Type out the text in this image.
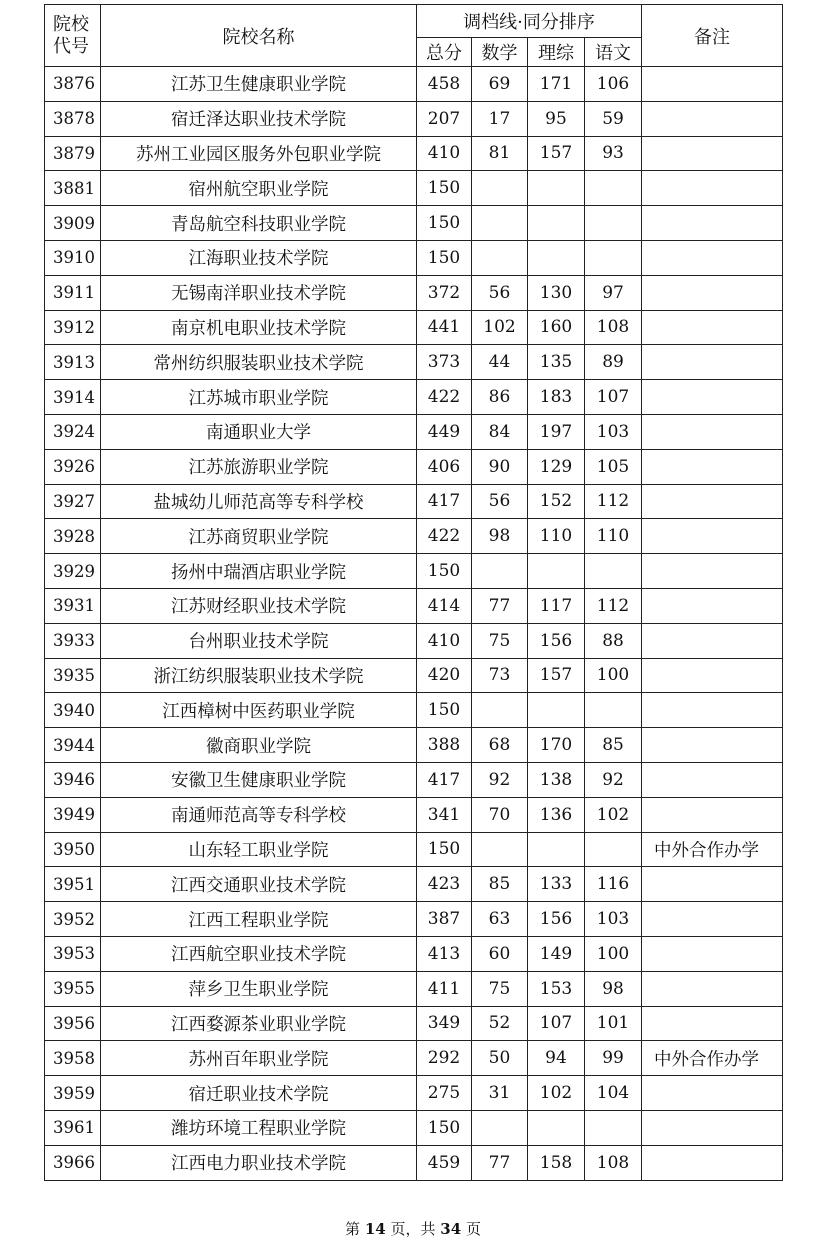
院校
代号	院校名称	调档线·同分排序				备注
		总分	数学	理综	语文	
3876	江苏卫生健康职业学院	458	69	171	106	
3878	宿迁泽达职业技术学院	207	17	95	59	
3879	苏州工业园区服务外包职业学院	410	81	157	93	
3881	宿州航空职业学院	150				
3909	青岛航空科技职业学院	150				
3910	江海职业技术学院	150				
3911	无锡南洋职业技术学院	372	56	130	97	
3912	南京机电职业技术学院	441	102	160	108	
3913	常州纺织服装职业技术学院	373	44	135	89	
3914	江苏城市职业学院	422	86	183	107	
3924	南通职业大学	449	84	197	103	
3926	江苏旅游职业学院	406	90	129	105	
3927	盐城幼儿师范高等专科学校	417	56	152	112	
3928	江苏商贸职业学院	422	98	110	110	
3929	扬州中瑞酒店职业学院	150				
3931	江苏财经职业技术学院	414	77	117	112	
3933	台州职业技术学院	410	75	156	88	
3935	浙江纺织服装职业技术学院	420	73	157	100	
3940	江西樟树中医药职业学院	150				
3944	徽商职业学院	388	68	170	85	
3946	安徽卫生健康职业学院	417	92	138	92	
3949	南通师范高等专科学校	341	70	136	102	
3950	山东轻工职业学院	150				中外合作办学
3951	江西交通职业技术学院	423	85	133	116	
3952	江西工程职业学院	387	63	156	103	
3953	江西航空职业技术学院	413	60	149	100	
3955	萍乡卫生职业学院	411	75	153	98	
3956	江西婺源茶业职业学院	349	52	107	101	
3958	苏州百年职业学院	292	50	94	99	中外合作办学
3959	宿迁职业技术学院	275	31	102	104	
3961	潍坊环境工程职业学院	150				
3966	江西电力职业技术学院	459	77	158	108	
第 14 页，共 34 页
